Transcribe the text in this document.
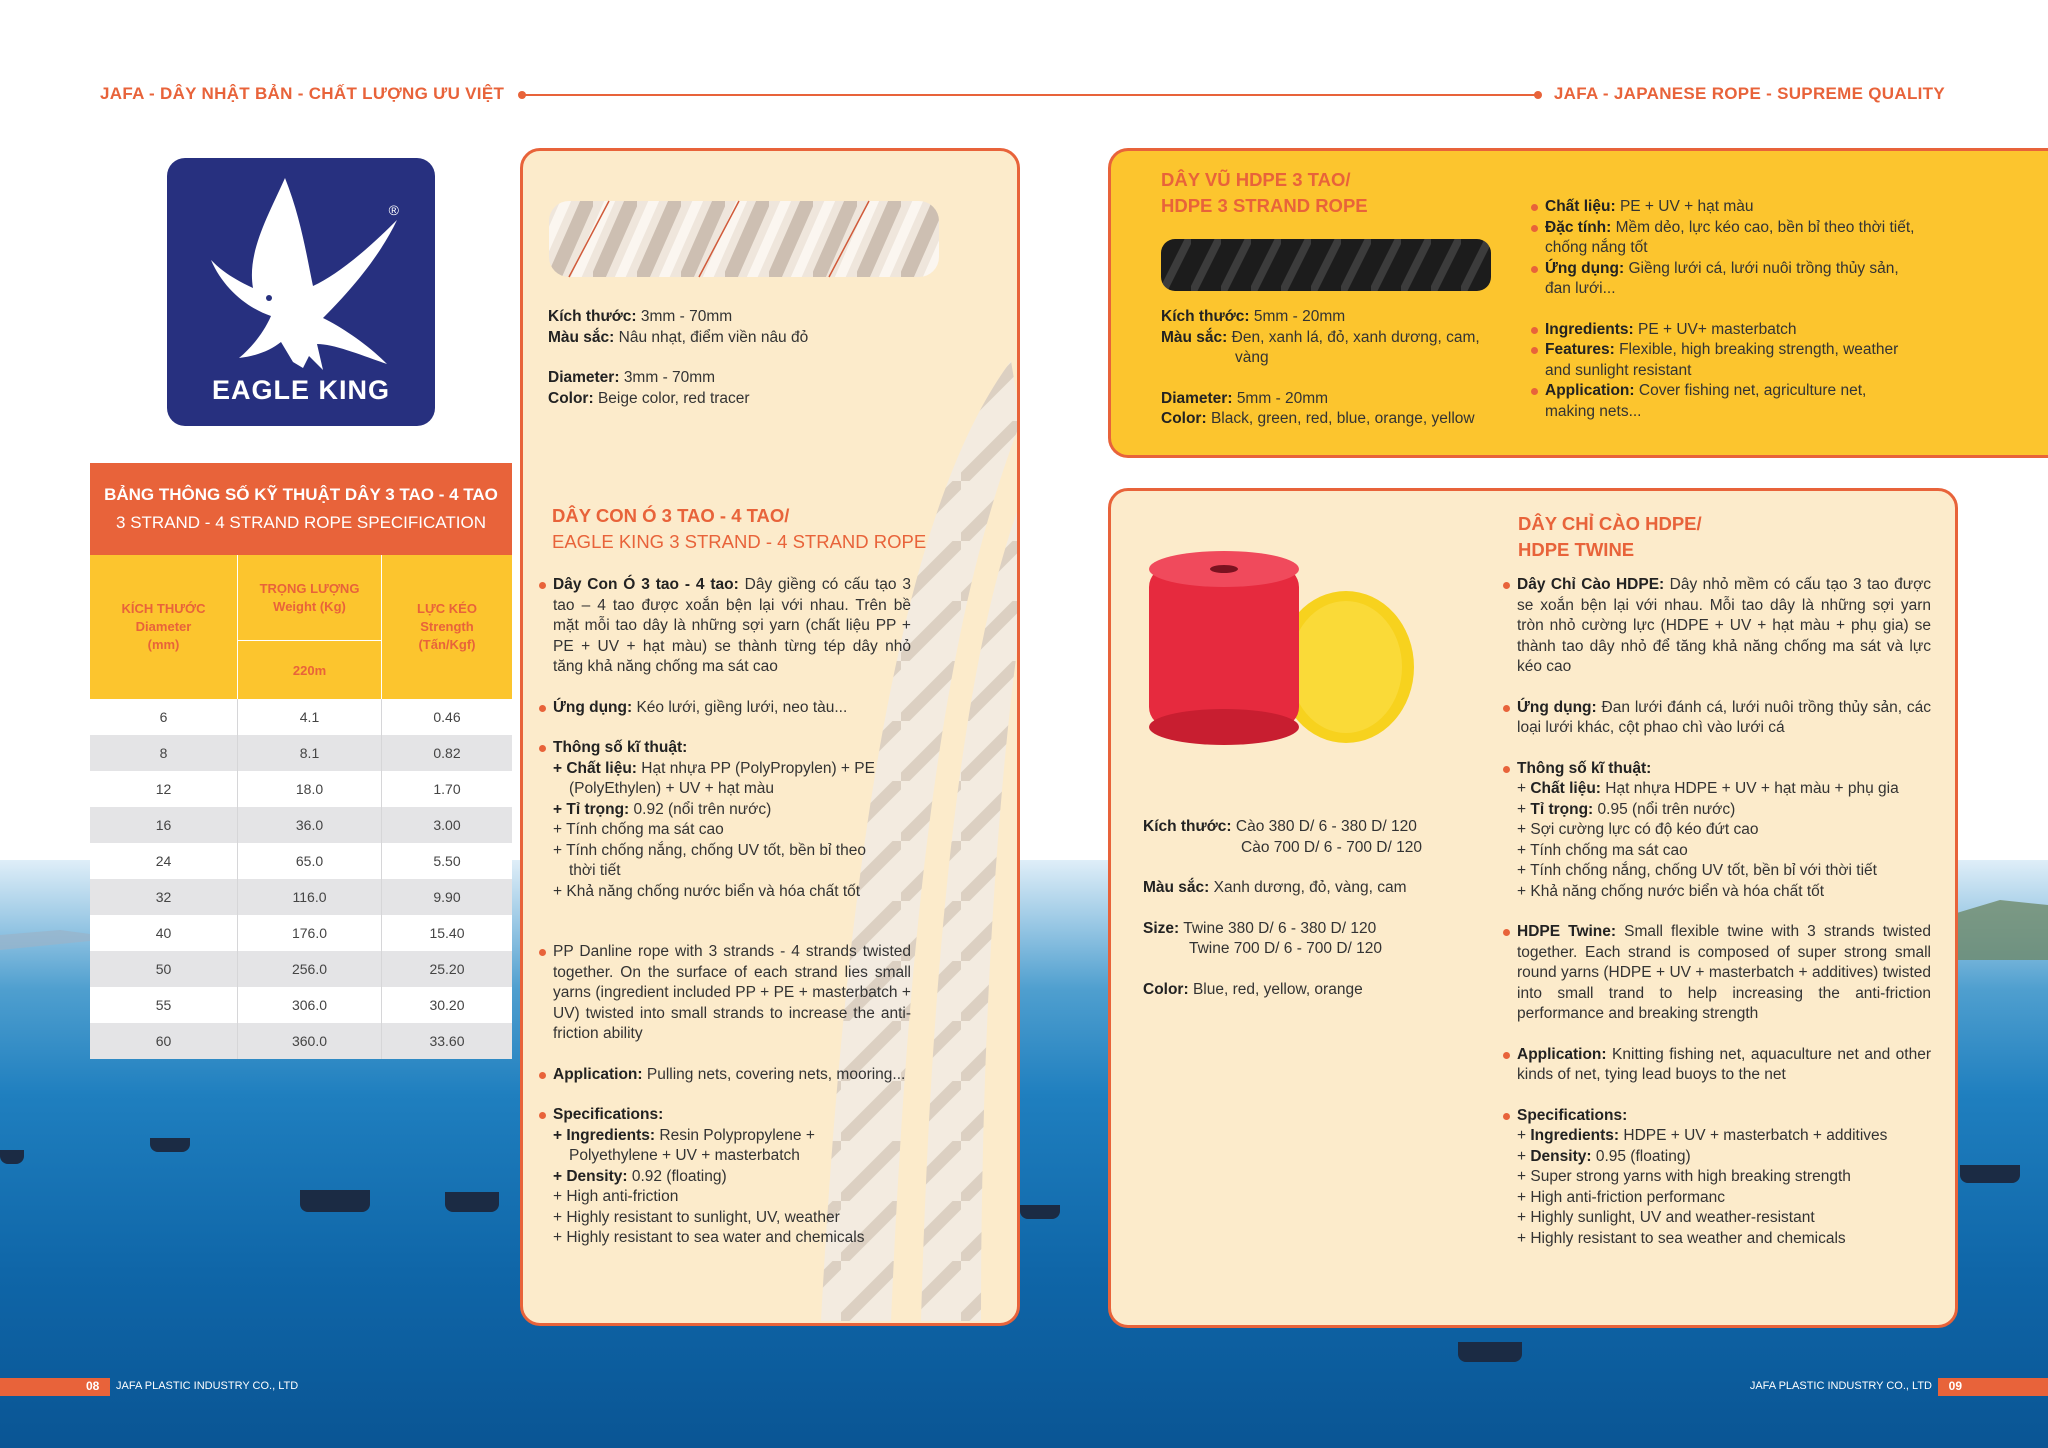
JAFA - DÂY NHẬT BẢN - CHẤT LƯỢNG ƯU VIỆT	JAFA - JAPANESE ROPE - SUPREME QUALITY
®
EAGLE KING
BẢNG THÔNG SỐ KỸ THUẬT DÂY 3 TAO - 4 TAO
3 STRAND - 4 STRAND ROPE SPECIFICATION
KÍCH THƯỚC
Diameter
(mm)
TRỌNG LƯỢNG
Weight (Kg)
220m
LỰC KÉO
Strength
(Tấn/Kgf)
6	4.1	0.46
8	8.1	0.82
12	18.0	1.70
16	36.0	3.00
24	65.0	5.50
32	116.0	9.90
40	176.0	15.40
50	256.0	25.20
55	306.0	30.20
60	360.0	33.60
Kích thước: 3mm - 70mm
Màu sắc: Nâu nhạt, điểm viền nâu đỏ
Diameter: 3mm - 70mm
Color: Beige color, red tracer
DÂY CON Ó 3 TAO - 4 TAO/
EAGLE KING 3 STRAND - 4 STRAND ROPE
Dây Con Ó 3 tao - 4 tao: Dây giềng có cấu tạo 3 tao – 4 tao được xoắn bện lại với nhau. Trên bề mặt mỗi tao dây là những sợi yarn (chất liệu PP + PE + UV + hạt màu) se thành từng tép dây nhỏ tăng khả năng chống ma sát cao
Ứng dụng: Kéo lưới, giềng lưới, neo tàu...
Thông số kĩ thuật:
+ Chất liệu: Hạt nhựa PP (PolyPropylen) + PE
(PolyEthylen) + UV + hạt màu
+ Tỉ trọng: 0.92 (nổi trên nước)
+ Tính chống ma sát cao
+ Tính chống nắng, chống UV tốt, bền bỉ theo
thời tiết
+ Khả năng chống nước biển và hóa chất tốt
PP Danline rope with 3 strands - 4 strands twisted together. On the surface of each strand lies small yarns (ingredient included PP + PE + masterbatch + UV) twisted into small strands to increase the anti-friction ability
Application: Pulling nets, covering nets, mooring...
Specifications:
+ Ingredients: Resin Polypropylene +
Polyethylene + UV + masterbatch
+ Density: 0.92 (floating)
+ High anti-friction
+ Highly resistant to sunlight, UV, weather
+ Highly resistant to sea water and chemicals
DÂY VŨ HDPE 3 TAO/
HDPE 3 STRAND ROPE
Kích thước: 5mm - 20mm
Màu sắc: Đen, xanh lá, đỏ, xanh dương, cam,
vàng
Diameter: 5mm - 20mm
Color: Black, green, red, blue, orange, yellow
Chất liệu: PE + UV + hạt màu
Đặc tính: Mềm dẻo, lực kéo cao, bền bỉ theo thời tiết,
chống nắng tốt
Ứng dụng: Giềng lưới cá, lưới nuôi trồng thủy sản,
đan lưới...
Ingredients: PE + UV+ masterbatch
Features: Flexible, high breaking strength, weather
and sunlight resistant
Application: Cover fishing net, agriculture net,
making nets...
Kích thước: Cào 380 D/ 6 - 380 D/ 120
Cào 700 D/ 6 - 700 D/ 120
Màu sắc: Xanh dương, đỏ, vàng, cam
Size: Twine 380 D/ 6 - 380 D/ 120
Twine 700 D/ 6 - 700 D/ 120
Color: Blue, red, yellow, orange
DÂY CHỈ CÀO HDPE/
HDPE TWINE
Dây Chỉ Cào HDPE: Dây nhỏ mềm có cấu tạo 3 tao được se xoắn bện lại với nhau. Mỗi tao dây là những sợi yarn tròn nhỏ cường lực (HDPE + UV + hạt màu + phụ gia) se thành tao dây nhỏ để tăng khả năng chống ma sát và lực kéo cao
Ứng dụng: Đan lưới đánh cá, lưới nuôi trồng thủy sản, các loại lưới khác, cột phao chì vào lưới cá
Thông số kĩ thuật:
+ Chất liệu: Hạt nhựa HDPE + UV + hạt màu + phụ gia
+ Tỉ trọng: 0.95 (nổi trên nước)
+ Sợi cường lực có độ kéo đứt cao
+ Tính chống ma sát cao
+ Tính chống nắng, chống UV tốt, bền bỉ với thời tiết
+ Khả năng chống nước biển và hóa chất tốt
HDPE Twine: Small flexible twine with 3 strands twisted together. Each strand is composed of super strong small round yarns (HDPE + UV + masterbatch + additives) twisted into small trand to help increasing the anti-friction performance and breaking strength
Application: Knitting fishing net, aquaculture net and other kinds of net, tying lead buoys to the net
Specifications:
+ Ingredients: HDPE + UV + masterbatch + additives
+ Density: 0.95 (floating)
+ Super strong yarns with high breaking strength
+ High anti-friction performanc
+ Highly sunlight, UV and weather-resistant
+ Highly resistant to sea weather and chemicals
08 JAFA PLASTIC INDUSTRY CO., LTD	09
JAFA PLASTIC INDUSTRY CO., LTD
